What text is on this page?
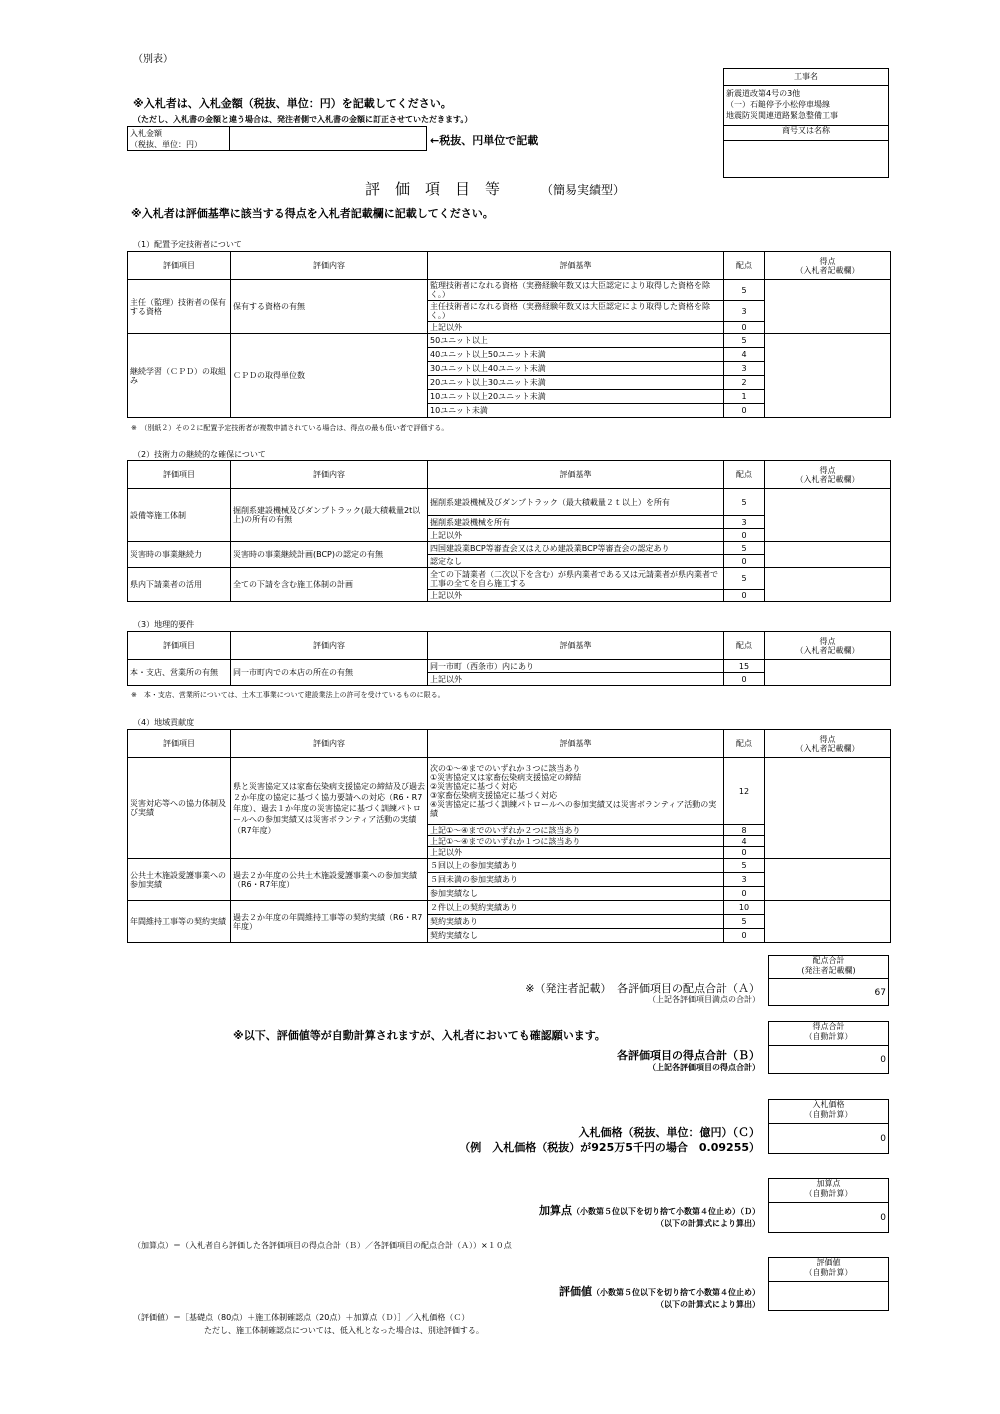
（別表）
※入札者は、入札金額（税抜、単位：円）を記載してください。
（ただし、入札書の金額と違う場合は、発注者側で入札書の金額に訂正させていただきます。）
入札金額
（税抜、単位：円）	←税抜、円単位で記載
工事名
新震道改第4号の3他
（一）石鎚停予小松停車場線
地震防災関連道路緊急整備工事
商号又は名称
評　価　項　目　等	（簡易実績型）
※入札者は評価基準に該当する得点を入札者記載欄に記載してください。
（1）配置予定技術者について
評価項目	評価内容	評価基準	配点	得点
（入札者記載欄）

主任（監理）技術者の保有する資格	保有する資格の有無	監理技術者になれる資格（実務経験年数又は大臣認定により取得した資格を除く。）	5	
		主任技術者になれる資格（実務経験年数又は大臣認定により取得した資格を除く。）	3	
		上記以外	0	
継続学習（ＣＰＤ）の取組み	ＣＰＤの取得単位数	50ユニット以上	5	
		40ユニット以上50ユニット未満	4	
		30ユニット以上40ユニット未満	3	
		20ユニット以上30ユニット未満	2	
		10ユニット以上20ユニット未満	1	
		10ユニット未満	0	
※　（別紙２）その２に配置予定技術者が複数申請されている場合は、得点の最も低い者で評価する。
（2）技術力の継続的な確保について
評価項目	評価内容	評価基準	配点	得点
（入札者記載欄）

設備等施工体制	掘削系建設機械及びダンプトラック(最大積載量2t以上)の所有の有無	掘削系建設機械及びダンプトラック（最大積載量２ｔ以上）を所有	5	
		掘削系建設機械を所有	3	
		上記以外	0	
災害時の事業継続力	災害時の事業継続計画(BCP)の認定の有無	四国建設業BCP等審査会又はえひめ建設業BCP等審査会の認定あり	5	
		認定なし	0	
県内下請業者の活用	全ての下請を含む施工体制の計画	全ての下請業者（二次以下を含む）が県内業者である又は元請業者が県内業者で工事の全てを自ら施工する	5	
		上記以外	0	
（3）地理的要件
評価項目	評価内容	評価基準	配点	得点
（入札者記載欄）

本・支店、営業所の有無	同一市町内での本店の所在の有無	同一市町（西条市）内にあり	15	
		上記以外	0	
※　本・支店、営業所については、土木工事業について建設業法上の許可を受けているものに限る。
（4）地域貢献度
評価項目	評価内容	評価基準	配点	得点
（入札者記載欄）

災害対応等への協力体制及び実績	県と災害協定又は家畜伝染病支援協定の締結及び過去２か年度の協定に基づく協力要請への対応（R6・R7年度）、過去１か年度の災害協定に基づく訓練パトロールへの参加実績又は災害ボランティア活動の実績（R7年度）	次の①～④までのいずれか３つに該当あり
①災害協定又は家畜伝染病支援協定の締結
②災害協定に基づく対応
③家畜伝染病支援協定に基づく対応
④災害協定に基づく訓練パトロールへの参加実績又は災害ボランティア活動の実績	12	
		上記①～④までのいずれか２つに該当あり	8	
		上記①～④までのいずれか１つに該当あり	4	
		上記以外	0	
公共土木施設愛護事業への参加実績	過去２か年度の公共土木施設愛護事業への参加実績（R6・R7年度）	５回以上の参加実績あり	5	
		５回未満の参加実績あり	3	
		参加実績なし	0	
年間維持工事等の契約実績	過去２か年度の年間維持工事等の契約実績（R6・R7年度）	２件以上の契約実績あり	10	
		契約実績あり	5	
		契約実績なし	0	
配点合計
(発注者記載欄)
67
※（発注者記載）　各評価項目の配点合計（Ａ）
（上記各評価項目満点の合計）
※以下、評価値等が自動計算されますが、入札者においても確認願います。
得点合計
（自動計算）
0
各評価項目の得点合計（Ｂ）
（上記各評価項目の得点合計）
入札価格
（自動計算）
0
入札価格（税抜、単位：億円）（Ｃ）
（例　入札価格（税抜）が925万5千円の場合　0.09255）
加算点
（自動計算）
0
加算点（小数第５位以下を切り捨て小数第４位止め）（Ｄ）
（以下の計算式により算出）
（加算点）＝（入札者自ら評価した各評価項目の得点合計（Ｂ）／各評価項目の配点合計（Ａ））×１０点
評価値
（自動計算）
評価値（小数第５位以下を切り捨て小数第４位止め）
（以下の計算式により算出）
（評価値）＝［基礎点（80点）＋施工体制確認点（20点）＋加算点（Ｄ）］／入札価格（Ｃ）
ただし、施工体制確認点については、低入札となった場合は、別途評価する。
